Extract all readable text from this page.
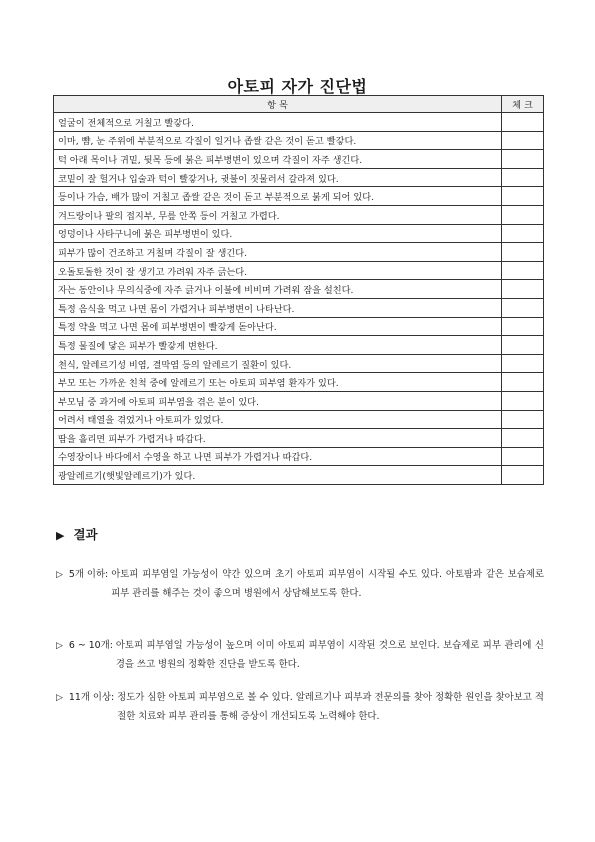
아토피 자가 진단법
항 목	체 크
얼굴이 전체적으로 거칠고 빨갛다.	
이마, 뺨, 눈 주위에 부분적으로 각질이 일거나 좁쌀 같은 것이 돋고 빨갛다.	
턱 아래 목이나 귀밑, 뒷목 등에 붉은 피부병변이 있으며 각질이 자주 생긴다.	
코밑이 잘 헐거나 입술과 턱이 빨갛거나, 귓불이 짓물러서 갈라져 있다.	
등이나 가슴, 배가 많이 거칠고 좁쌀 같은 것이 돋고 부분적으로 붉게 되어 있다.	
겨드랑이나 팔의 접지부, 무릎 안쪽 등이 거칠고 가렵다.	
엉덩이나 사타구니에 붉은 피부병변이 있다.	
피부가 많이 건조하고 거칠며 각질이 잘 생긴다.	
오돌토돌한 것이 잘 생기고 가려워 자주 긁는다.	
자는 동안이나 무의식중에 자주 긁거나 이불에 비비며 가려워 잠을 설친다.	
특정 음식을 먹고 나면 몸이 가렵거나 피부병변이 나타난다.	
특정 약을 먹고 나면 몸에 피부병변이 빨갛게 돋아난다.	
특정 물질에 닿은 피부가 빨갛게 변한다.	
천식, 알레르기성 비염, 결막염 등의 알레르기 질환이 있다.	
부모 또는 가까운 친척 중에 알레르기 또는 아토피 피부염 환자가 있다.	
부모님 중 과거에 아토피 피부염을 겪은 분이 있다.	
어려서 태열을 겪었거나 아토피가 있었다.	
땀을 흘리면 피부가 가렵거나 따갑다.	
수영장이나 바다에서 수영을 하고 나면 피부가 가렵거나 따갑다.	
광알레르기(햇빛알레르기)가 있다.	
▶ 결과
▷ 5개 이하: 아토피 피부염일 가능성이 약간 있으며 초기 아토피 피부염이 시작될 수도 있다. 아토팜과 같은 보습제로 피부 관리를 해주는 것이 좋으며 병원에서 상담해보도록 한다.
▷ 6 ~ 10개: 아토피 피부염일 가능성이 높으며 이미 아토피 피부염이 시작된 것으로 보인다. 보습제로 피부 관리에 신경을 쓰고 병원의 정확한 진단을 받도록 한다.
▷ 11개 이상: 정도가 심한 아토피 피부염으로 볼 수 있다. 알레르기나 피부과 전문의를 찾아 정확한 원인을 찾아보고 적절한 치료와 피부 관리를 통해 증상이 개선되도록 노력해야 한다.
